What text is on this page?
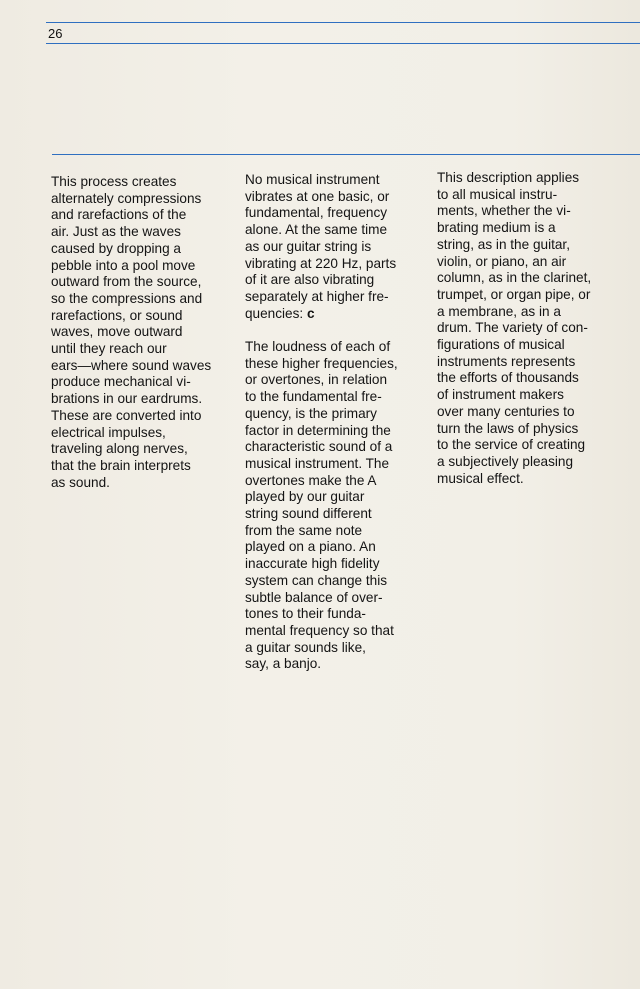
26

This process creates
alternately compressions
and rarefactions of the
air. Just as the waves
caused by dropping a
pebble into a pool move
outward from the source,
so the compressions and
rarefactions, or sound
waves, move outward
until they reach our
ears—where sound waves
produce mechanical vi-
brations in our eardrums.
These are converted into
electrical impulses,
traveling along nerves,
that the brain interprets
as sound.

No musical instrument
vibrates at one basic, or
fundamental, frequency
alone. At the same time
as our guitar string is
vibrating at 220 Hz, parts
of it are also vibrating
separately at higher fre-
quencies: c

The loudness of each of
these higher frequencies,
or overtones, in relation
to the fundamental fre-
quency, is the primary
factor in determining the
characteristic sound of a
musical instrument. The
overtones make the A
played by our guitar
string sound different
from the same note
played on a piano. An
inaccurate high fidelity
system can change this
subtle balance of over-
tones to their funda-
mental frequency so that
a guitar sounds like,
say, a banjo.

This description applies
to all musical instru-
ments, whether the vi-
brating medium is a
string, as in the guitar,
violin, or piano, an air
column, as in the clarinet,
trumpet, or organ pipe, or
a membrane, as in a
drum. The variety of con-
figurations of musical
instruments represents
the efforts of thousands
of instrument makers
over many centuries to
turn the laws of physics
to the service of creating
a subjectively pleasing
musical effect.
